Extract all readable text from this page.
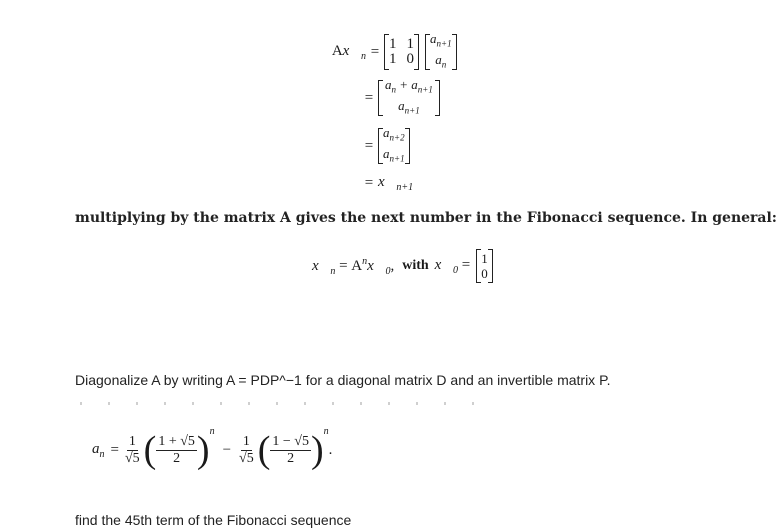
$Ax⃗_n = 1$ 1
1 0
$a_{n+1}$
$a_n$
=
$a_n + a_{n+1}$
$a_{n+1}$
=
$a_{n+2}$
$a_{n+1}$
= $x⃗_{n+1}$
multiplying by the matrix A gives the next number in the Fibonacci sequence. In general:
$x⃗_n$ = $A^nx⃗_0$, with $x⃗_0 = 1$
0
Diagonalize A by writing A = PDP^−1 for a diagonal matrix D and an invertible matrix P.
$a_n = \frac{1}{√5}$ ( $\frac{1 + √5}{2} )^n$
− $\frac{1}{√5}$ ( $\frac{1 - √5}{2} )^n$
.
find the 45th term of the Fibonacci sequence
